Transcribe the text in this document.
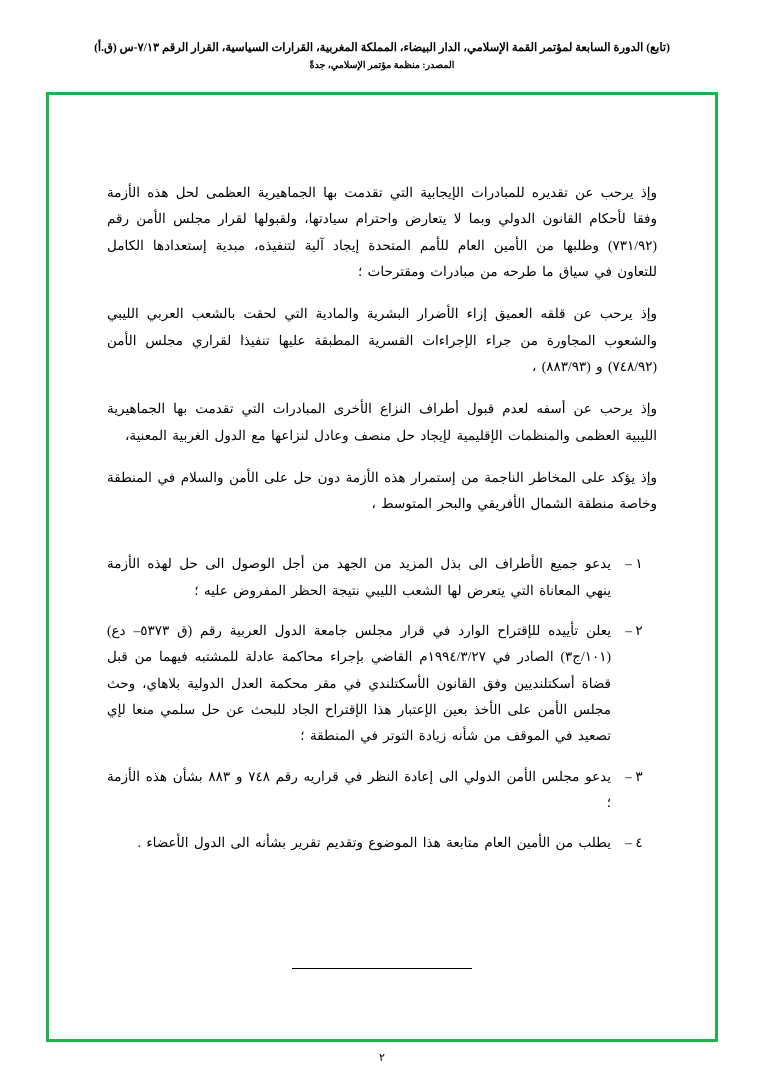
(تابع) الدورة السابعة لمؤتمر القمة الإسلامي، الدار البيضاء، المملكة المغربية، القرارات السياسية، القرار الرقم ٧/١٣-س (ق.أ)
المصدر: منظمة مؤتمر الإسلامي، جدةّ

وإذ يرحب عن تقديره للمبادرات الإيجابية التي تقدمت بها الجماهيرية العظمى لحل هذه الأزمة وفقا لأحكام القانون الدولي وبما لا يتعارض واحترام سيادتها، ولقبولها لقرار مجلس الأمن رقم (٧٣١/٩٢) وطلبها من الأمين العام للأمم المتحدة إيجاد آلية لتنفيذه، مبدية إستعدادها الكامل للتعاون في سياق ما طرحه من مبادرات ومقترحات ؛

وإذ يرحب عن قلقه العميق إزاء الأضرار البشرية والمادية التي لحقت بالشعب العربي الليبي والشعوب المجاورة من جراء الإجراءات القسرية المطبقة عليها تنفيذا لقراري مجلس الأمن (٧٤٨/٩٢) و (٨٨٣/٩٣) ،

وإذ يرحب عن أسفه لعدم قبول أطراف النزاع الأخرى المبادرات التي تقدمت بها الجماهيرية الليبية العظمى والمنظمات الإقليمية لإيجاد حل منصف وعادل لنزاعها مع الدول الغربية المعنية،

وإذ يؤكد على المخاطر الناجمة من إستمرار هذه الأزمة دون حل على الأمن والسلام في المنطقة وخاصة منطقة الشمال الأفريقي والبحر المتوسط ،

١ –
يدعو جميع الأطراف الى بذل المزيد من الجهد من أجل الوصول الى حل لهذه الأزمة ينهي المعاناة التي يتعرض لها الشعب الليبي نتيجة الحظر المفروض عليه ؛
٢ –
يعلن تأييده للإقتراح الوارد في قرار مجلس جامعة الدول العربية رقم (ق ٥٣٧٣– دع) (١٠١/ج٣) الصادر في ١٩٩٤/٣/٢٧م القاضي بإجراء محاكمة عادلة للمشتبه فيهما من قبل قضاة أسكتلنديين وفق القانون الأسكتلندي في مقر محكمة العدل الدولية بلاهاي، وحث مجلس الأمن على الأخذ بعين الإعتبار هذا الإقتراح الجاد للبحث عن حل سلمي منعا لإي تصعيد في الموقف من شأنه زيادة التوتر في المنطقة ؛
٣ –
يدعو مجلس الأمن الدولي الى إعادة النظر في قراريه رقم ٧٤٨ و ٨٨٣ بشأن هذه الأزمة ؛
٤ –
يطلب من الأمين العام متابعة هذا الموضوع وتقديم تقرير بشأنه الى الدول الأعضاء .
٢
